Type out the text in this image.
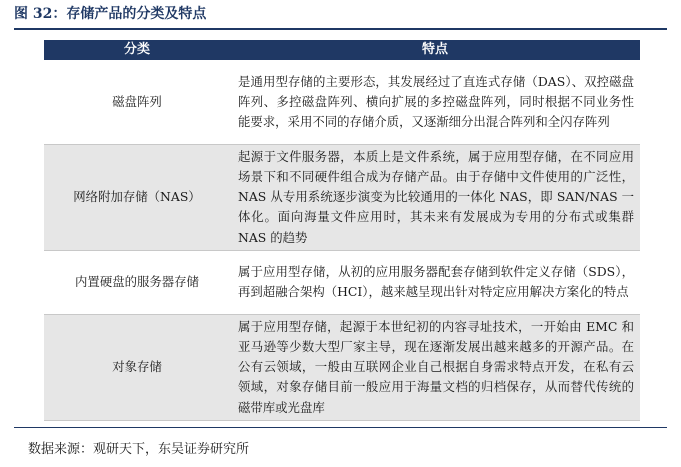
图 32：存储产品的分类及特点
分类	特点
磁盘阵列	是通用型存储的主要形态，其发展经过了直连式存储（DAS）、双控磁盘阵列、多控磁盘阵列、横向扩展的多控磁盘阵列，同时根据不同业务性能要求，采用不同的存储介质，又逐渐细分出混合阵列和全闪存阵列
网络附加存储（NAS）	起源于文件服务器，本质上是文件系统，属于应用型存储，在不同应用场景下和不同硬件组合成为存储产品。由于存储中文件使用的广泛性，NAS 从专用系统逐步演变为比较通用的一体化 NAS，即 SAN/NAS 一体化。面向海量文件应用时，其未来有发展成为专用的分布式或集群 NAS 的趋势
内置硬盘的服务器存储	属于应用型存储，从初的应用服务器配套存储到软件定义存储（SDS），再到超融合架构（HCI），越来越呈现出针对特定应用解决方案化的特点
对象存储	属于应用型存储，起源于本世纪初的内容寻址技术，一开始由 EMC 和亚马逊等少数大型厂家主导，现在逐渐发展出越来越多的开源产品。在公有云领域，一般由互联网企业自己根据自身需求特点开发，在私有云领域，对象存储目前一般应用于海量文档的归档保存，从而替代传统的磁带库或光盘库
数据来源：观研天下，东吴证券研究所
